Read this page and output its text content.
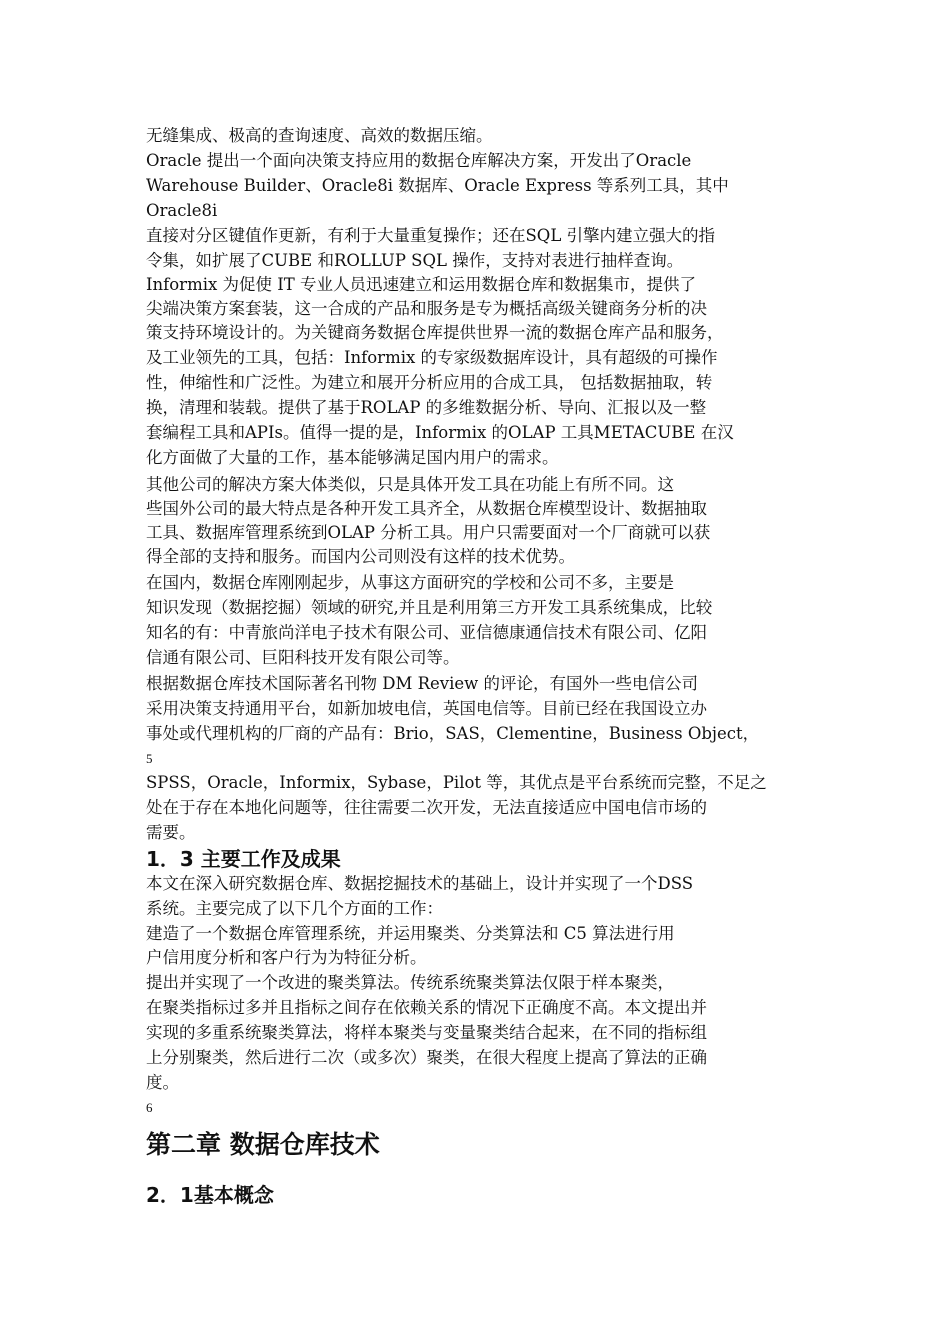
无缝集成、极高的查询速度、高效的数据压缩。

Oracle 提出一个面向决策支持应用的数据仓库解决方案，开发出了Oracle

Warehouse Builder、Oracle8i 数据库、Oracle Express 等系列工具，其中

Oracle8i

直接对分区键值作更新，有利于大量重复操作；还在SQL 引擎内建立强大的指

令集，如扩展了CUBE 和ROLLUP SQL 操作，支持对表进行抽样查询。

Informix 为促使 IT 专业人员迅速建立和运用数据仓库和数据集市，提供了

尖端决策方案套装，这一合成的产品和服务是专为概括高级关键商务分析的决

策支持环境设计的。为关键商务数据仓库提供世界一流的数据仓库产品和服务，

及工业领先的工具，包括：Informix 的专家级数据库设计，具有超级的可操作

性，伸缩性和广泛性。为建立和展开分析应用的合成工具， 包括数据抽取，转

换，清理和装载。提供了基于ROLAP 的多维数据分析、导向、汇报以及一整

套编程工具和APIs。值得一提的是，Informix 的OLAP 工具METACUBE 在汉

化方面做了大量的工作，基本能够满足国内用户的需求。

其他公司的解决方案大体类似，只是具体开发工具在功能上有所不同。这

些国外公司的最大特点是各种开发工具齐全，从数据仓库模型设计、数据抽取

工具、数据库管理系统到OLAP 分析工具。用户只需要面对一个厂商就可以获

得全部的支持和服务。而国内公司则没有这样的技术优势。

在国内，数据仓库刚刚起步，从事这方面研究的学校和公司不多，主要是

知识发现（数据挖掘）领域的研究,并且是利用第三方开发工具系统集成，比较

知名的有：中青旅尚洋电子技术有限公司、亚信德康通信技术有限公司、亿阳

信通有限公司、巨阳科技开发有限公司等。

根据数据仓库技术国际著名刊物 DM Review 的评论，有国外一些电信公司

采用决策支持通用平台，如新加坡电信，英国电信等。目前已经在我国设立办

事处或代理机构的厂商的产品有：Brio，SAS，Clementine，Business Object，

5

SPSS，Oracle，Informix，Sybase，Pilot 等，其优点是平台系统而完整，不足之

处在于存在本地化问题等，往往需要二次开发，无法直接适应中国电信市场的

需要。

1．3 主要工作及成果

本文在深入研究数据仓库、数据挖掘技术的基础上，设计并实现了一个DSS

系统。主要完成了以下几个方面的工作：

建造了一个数据仓库管理系统，并运用聚类、分类算法和 C5 算法进行用

户信用度分析和客户行为为特征分析。

提出并实现了一个改进的聚类算法。传统系统聚类算法仅限于样本聚类，

在聚类指标过多并且指标之间存在依赖关系的情况下正确度不高。本文提出并

实现的多重系统聚类算法，将样本聚类与变量聚类结合起来，在不同的指标组

上分别聚类，然后进行二次（或多次）聚类，在很大程度上提高了算法的正确

度。

6

第二章 数据仓库技术

2．1基本概念
